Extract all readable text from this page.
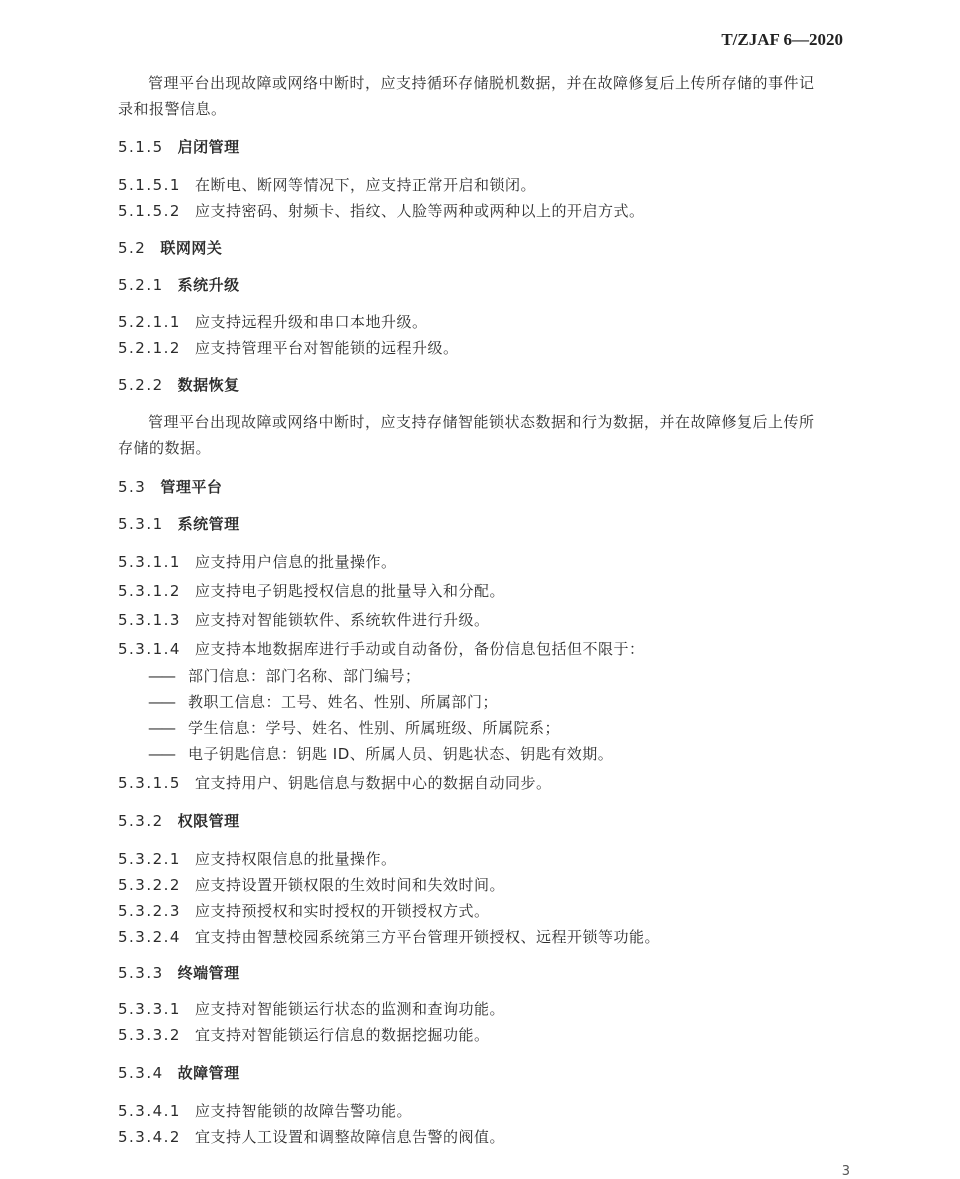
T/ZJAF 6—2020
管理平台出现故障或网络中断时，应支持循环存储脱机数据，并在故障修复后上传所存储的事件记
录和报警信息。
5.1.5 启闭管理
5.1.5.1 在断电、断网等情况下，应支持正常开启和锁闭。
5.1.5.2 应支持密码、射频卡、指纹、人脸等两种或两种以上的开启方式。
5.2 联网网关
5.2.1 系统升级
5.2.1.1 应支持远程升级和串口本地升级。
5.2.1.2 应支持管理平台对智能锁的远程升级。
5.2.2 数据恢复
管理平台出现故障或网络中断时，应支持存储智能锁状态数据和行为数据，并在故障修复后上传所
存储的数据。
5.3 管理平台
5.3.1 系统管理
5.3.1.1 应支持用户信息的批量操作。
5.3.1.2 应支持电子钥匙授权信息的批量导入和分配。
5.3.1.3 应支持对智能锁软件、系统软件进行升级。
5.3.1.4 应支持本地数据库进行手动或自动备份，备份信息包括但不限于：
—— 部门信息：部门名称、部门编号；
—— 教职工信息：工号、姓名、性别、所属部门；
—— 学生信息：学号、姓名、性别、所属班级、所属院系；
—— 电子钥匙信息：钥匙 ID、所属人员、钥匙状态、钥匙有效期。
5.3.1.5 宜支持用户、钥匙信息与数据中心的数据自动同步。
5.3.2 权限管理
5.3.2.1 应支持权限信息的批量操作。
5.3.2.2 应支持设置开锁权限的生效时间和失效时间。
5.3.2.3 应支持预授权和实时授权的开锁授权方式。
5.3.2.4 宜支持由智慧校园系统第三方平台管理开锁授权、远程开锁等功能。
5.3.3 终端管理
5.3.3.1 应支持对智能锁运行状态的监测和查询功能。
5.3.3.2 宜支持对智能锁运行信息的数据挖掘功能。
5.3.4 故障管理
5.3.4.1 应支持智能锁的故障告警功能。
5.3.4.2 宜支持人工设置和调整故障信息告警的阀值。
3
